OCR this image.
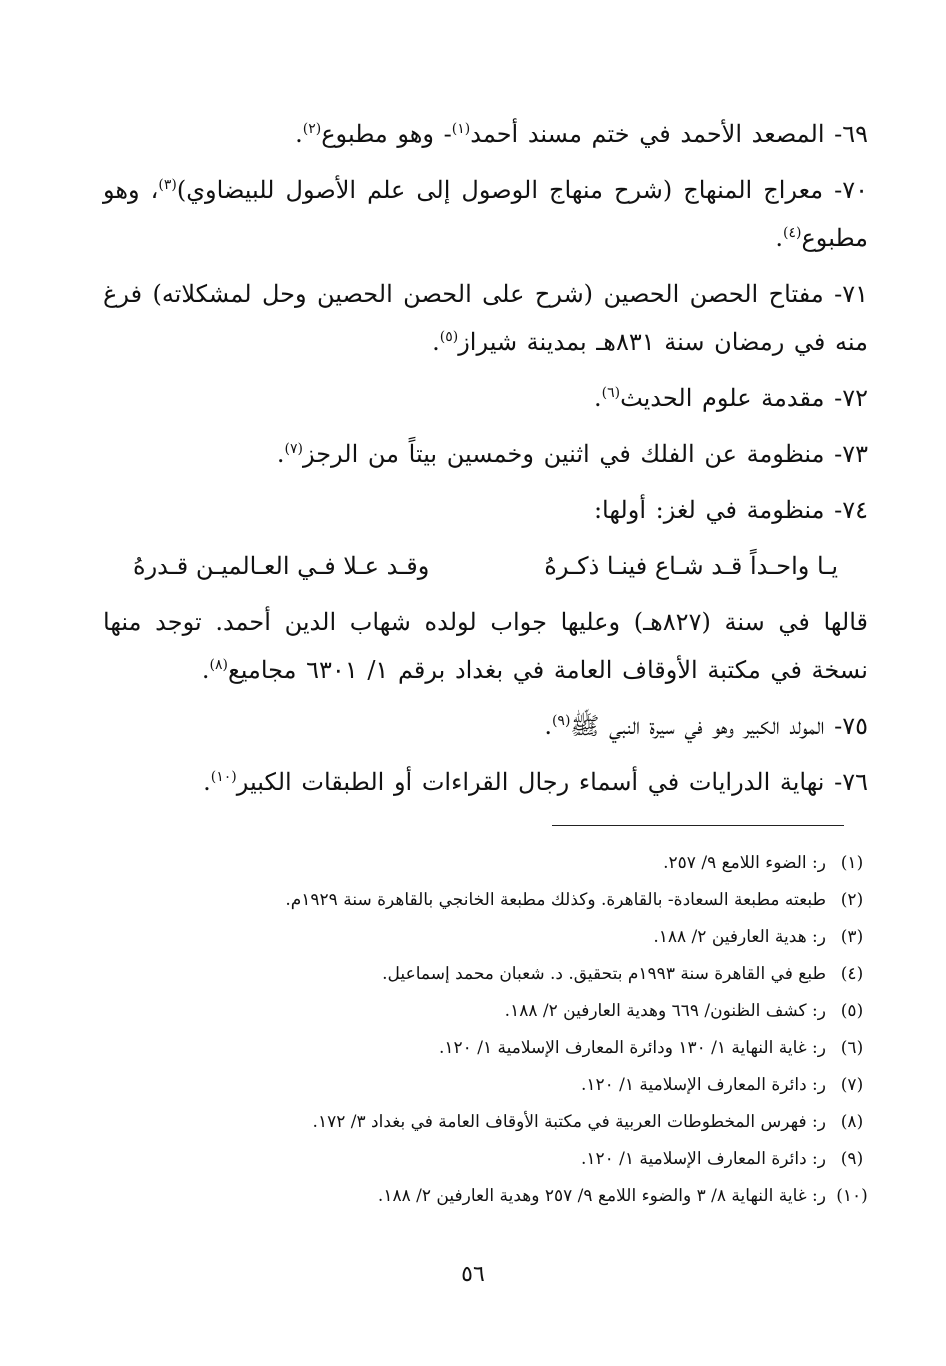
٦٩- المصعد الأحمد في ختم مسند أحمد$^{(١)}$- وهو مطبوع$^{(٢)}$.

٧٠- معراج المنهاج (شرح منهاج الوصول إلى علم الأصول للبيضاوي)$^{(٣)}$، وهو مطبوع$^{(٤)}$.

٧١- مفتاح الحصن الحصين (شرح على الحصن الحصين وحل لمشكلاته) فرغ منه في رمضان سنة ٨٣١هـ بمدينة شيراز$^{(٥)}$.

٧٢- مقدمة علوم الحديث$^{(٦)}$.

٧٣- منظومة عن الفلك في اثنين وخمسين بيتاً من الرجز$^{(٧)}$.

٧٤- منظومة في لغز: أولها:

يـا واحـداً قـد شـاع فينـا ذكـرهُ
وقـد عـلا فـي العـالميـن قـدرهُ

قالها في سنة (٨٢٧هـ) وعليها جواب لولده شهاب الدين أحمد. توجد منها نسخة في مكتبة الأوقاف العامة في بغداد برقم ١/ ٦٣٠١ مجاميع$^{(٨)}$.

٧٥- المولد الكبير وهو في سيرة النبي ﷺ$^{(٩)}$.

٧٦- نهاية الدرايات في أسماء رجال القراءات أو الطبقات الكبير$^{(١٠)}$.

(١)
ر: الضوء اللامع ٩/ ٢٥٧.
(٢)
طبعته مطبعة السعادة- بالقاهرة. وكذلك مطبعة الخانجي بالقاهرة سنة ١٩٢٩م.
(٣)
ر: هدية العارفين ٢/ ١٨٨.
(٤)
طبع في القاهرة سنة ١٩٩٣م بتحقيق. د. شعبان محمد إسماعيل.
(٥)
ر: كشف الظنون/ ٦٦٩ وهدية العارفين ٢/ ١٨٨.
(٦)
ر: غاية النهاية ١/ ١٣٠ ودائرة المعارف الإسلامية ١/ ١٢٠.
(٧)
ر: دائرة المعارف الإسلامية ١/ ١٢٠.
(٨)
ر: فهرس المخطوطات العربية في مكتبة الأوقاف العامة في بغداد ٣/ ١٧٢.
(٩)
ر: دائرة المعارف الإسلامية ١/ ١٢٠.
(١٠)
ر: غاية النهاية ٨/ ٣ والضوء اللامع ٩/ ٢٥٧ وهدية العارفين ٢/ ١٨٨.
٥٦
